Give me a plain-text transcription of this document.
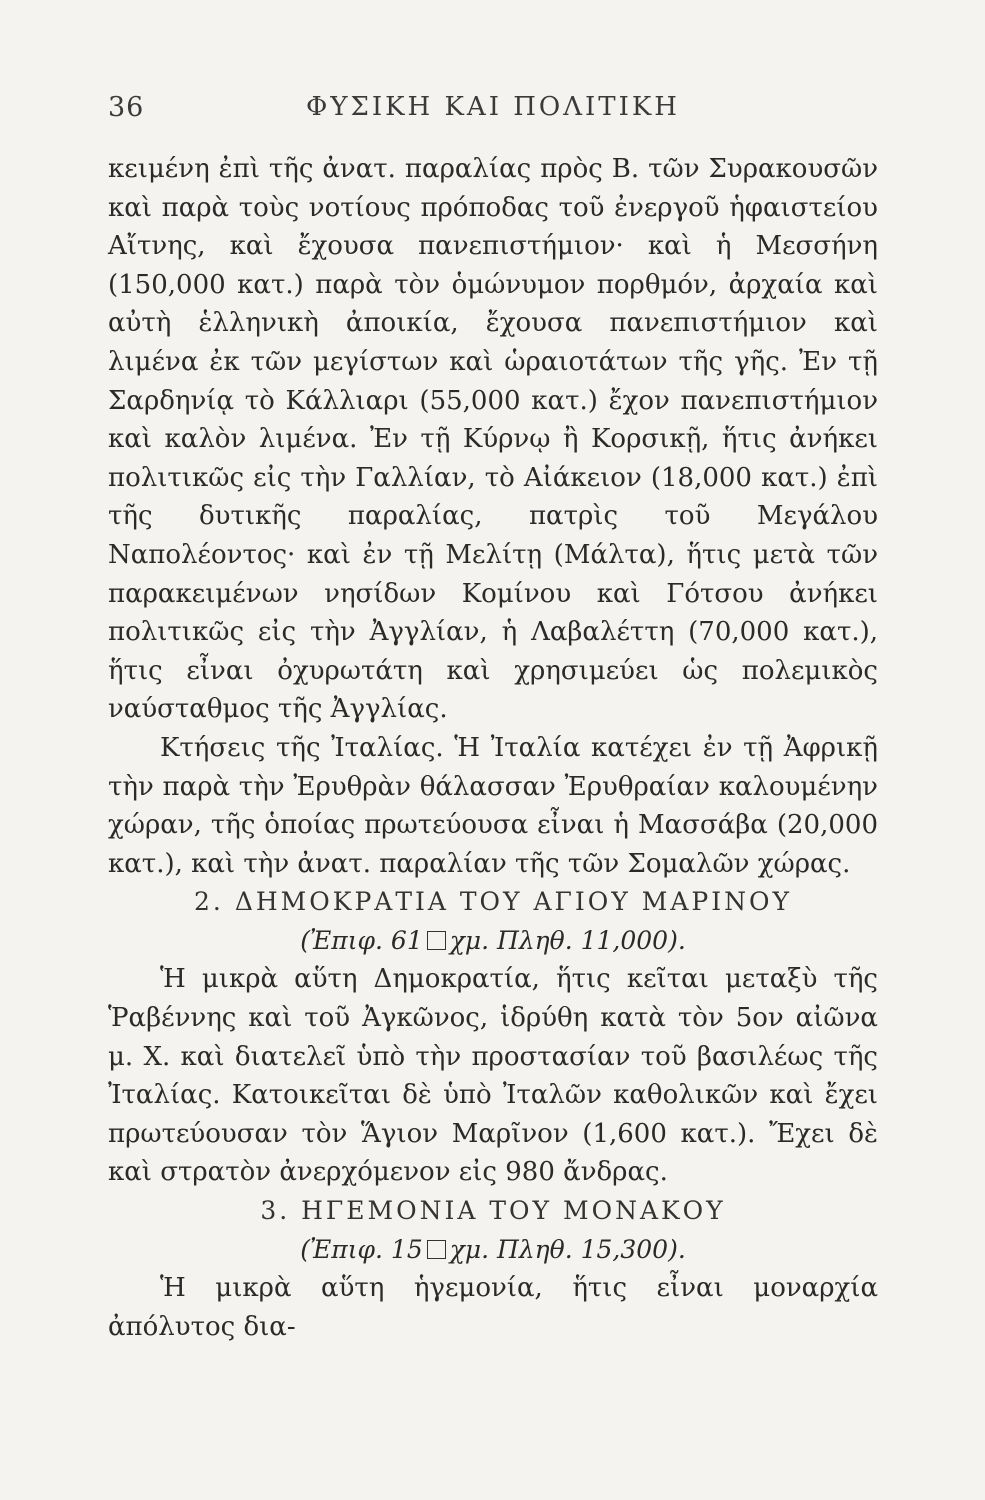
36	ΦΥΣΙΚΗ ΚΑΙ ΠΟΛΙΤΙΚΗ

κειμένη ἐπὶ τῆς ἀνατ. παραλίας πρὸς Β. τῶν Συρακουσῶν καὶ παρὰ τοὺς νοτίους πρόποδας τοῦ ἐνεργοῦ ἡφαιστείου Αἴτνης, καὶ ἔχουσα πανεπιστήμιον· καὶ ἡ Μεσσήνη (150,000 κατ.) παρὰ τὸν ὁμώνυμον πορθμόν, ἀρχαία καὶ αὐτὴ ἑλληνικὴ ἀποικία, ἔχουσα πανεπιστήμιον καὶ λιμένα ἐκ τῶν μεγίστων καὶ ὡραιοτάτων τῆς γῆς. Ἐν τῇ Σαρδηνίᾳ τὸ Κάλλιαρι (55,000 κατ.) ἔχον πανεπιστήμιον καὶ καλὸν λιμένα. Ἐν τῇ Κύρνῳ ἢ Κορσικῇ, ἥτις ἀνήκει πολιτικῶς εἰς τὴν Γαλλίαν, τὸ Αἰάκειον (18,000 κατ.) ἐπὶ τῆς δυτικῆς παραλίας, πατρὶς τοῦ Μεγάλου Ναπολέοντος· καὶ ἐν τῇ Μελίτῃ (Μάλτα), ἥτις μετὰ τῶν παρακειμένων νησίδων Κομίνου καὶ Γότσου ἀνήκει πολιτικῶς εἰς τὴν Ἀγγλίαν, ἡ Λαβαλέττη (70,000 κατ.), ἥτις εἶναι ὀχυρωτάτη καὶ χρησιμεύει ὡς πολεμικὸς ναύσταθμος τῆς Ἀγγλίας.

Κτήσεις τῆς Ἰταλίας. Ἡ Ἰταλία κατέχει ἐν τῇ Ἀφρικῇ τὴν παρὰ τὴν Ἐρυθρὰν θάλασσαν Ἐρυθραίαν καλουμένην χώραν, τῆς ὁποίας πρωτεύουσα εἶναι ἡ Μασσάβα (20,000 κατ.), καὶ τὴν ἀνατ. παραλίαν τῆς τῶν Σομαλῶν χώρας.

2. ΔΗΜΟΚΡΑΤΙΑ ΤΟΥ ΑΓΙΟΥ ΜΑΡΙΝΟΥ

(Ἐπιφ. 61 χμ. Πληθ. 11,000).

Ἡ μικρὰ αὕτη Δημοκρατία, ἥτις κεῖται μεταξὺ τῆς Ῥαβέννης καὶ τοῦ Ἀγκῶνος, ἱδρύθη κατὰ τὸν 5ον αἰῶνα μ. Χ. καὶ διατελεῖ ὑπὸ τὴν προστασίαν τοῦ βασιλέως τῆς Ἰταλίας. Κατοικεῖται δὲ ὑπὸ Ἰταλῶν καθολικῶν καὶ ἔχει πρωτεύουσαν τὸν Ἅγιον Μαρῖνον (1,600 κατ.). Ἔχει δὲ καὶ στρατὸν ἀνερχόμενον εἰς 980 ἄνδρας.

3. ΗΓΕΜΟΝΙΑ ΤΟΥ ΜΟΝΑΚΟΥ

(Ἐπιφ. 15 χμ. Πληθ. 15,300).

Ἡ μικρὰ αὕτη ἡγεμονία, ἥτις εἶναι μοναρχία ἀπόλυτος δια-
